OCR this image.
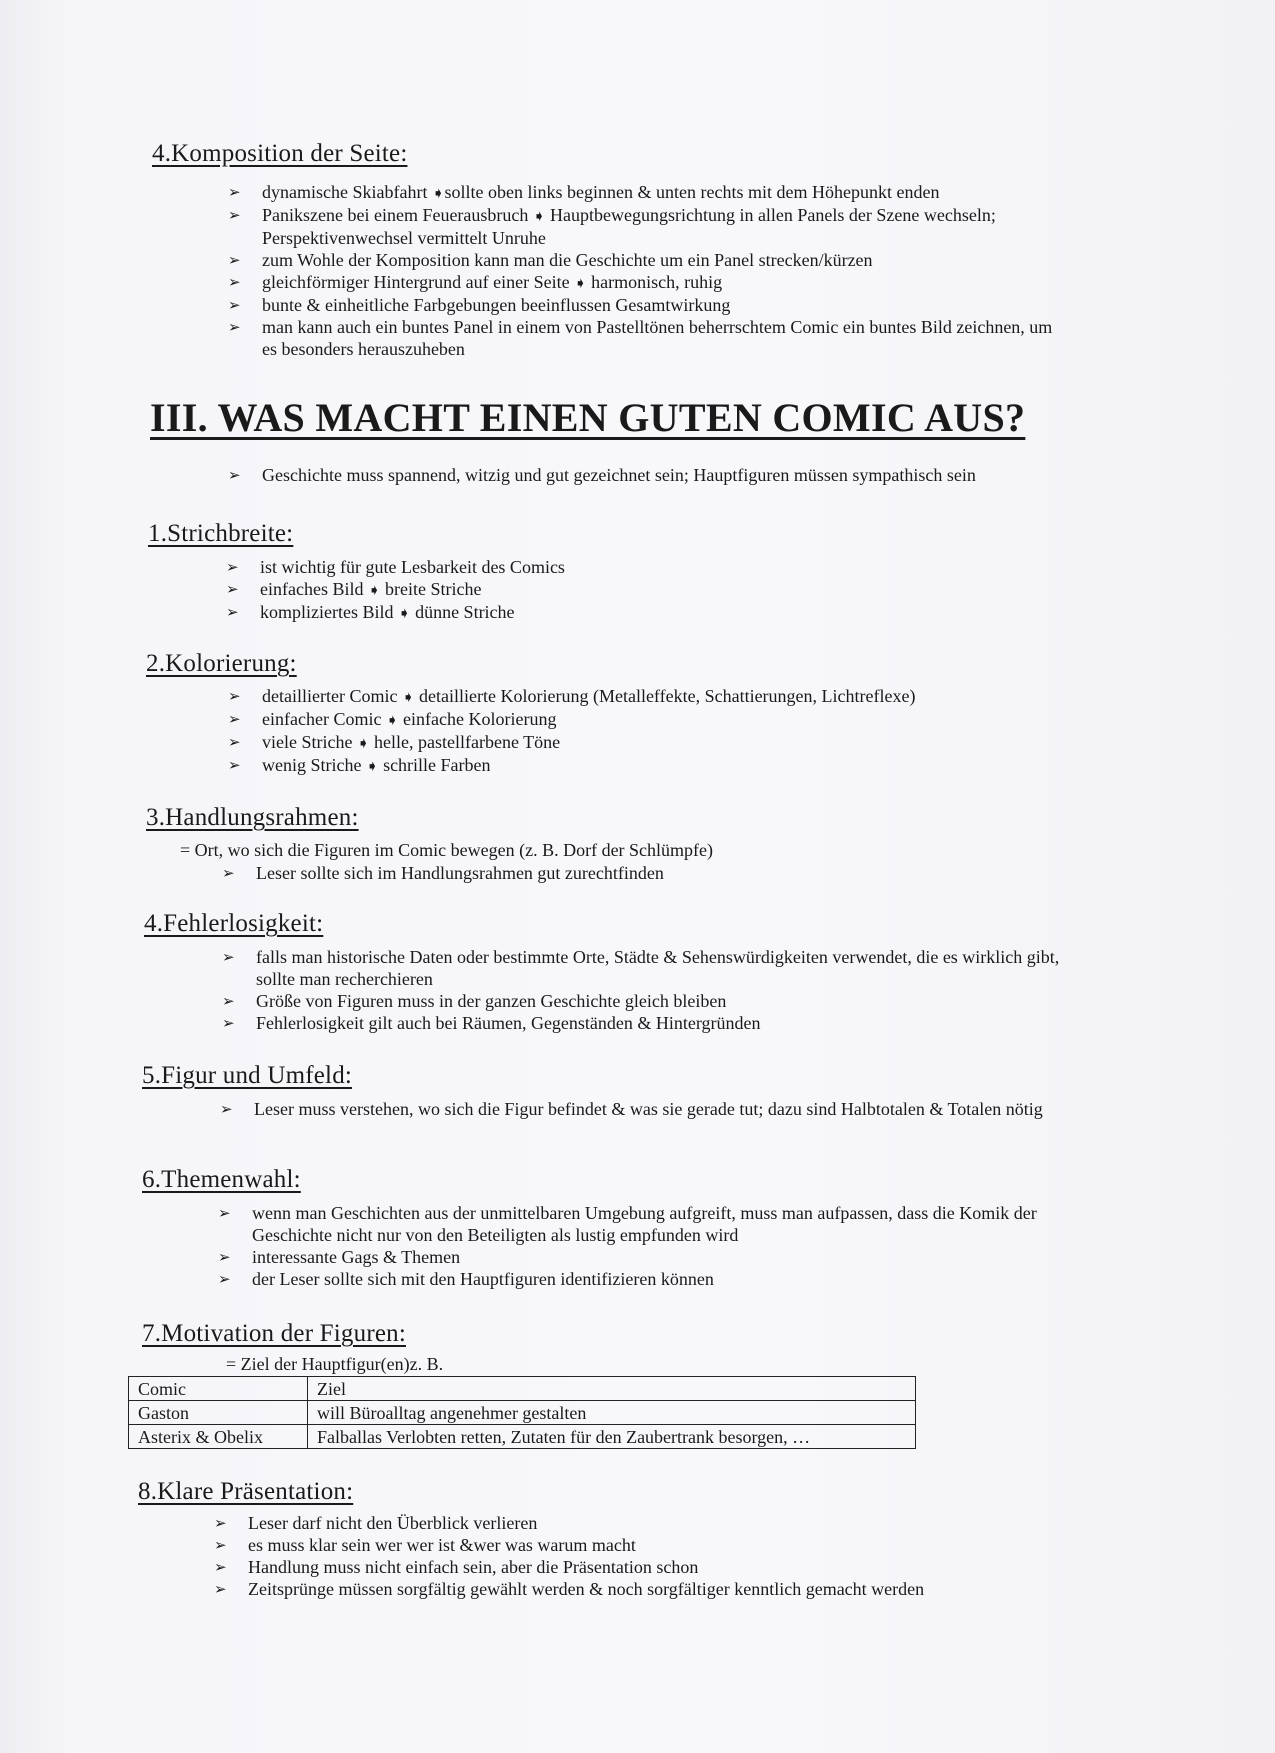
4.Komposition der Seite:
➢ dynamische Skiabfahrt ➧sollte oben links beginnen & unten rechts mit dem Höhepunkt enden
➢ Panikszene bei einem Feuerausbruch ➧ Hauptbewegungsrichtung in allen Panels der Szene wechseln; Perspektivenwechsel vermittelt Unruhe
➢ zum Wohle der Komposition kann man die Geschichte um ein Panel strecken/kürzen
➢ gleichförmiger Hintergrund auf einer Seite ➧ harmonisch, ruhig
➢ bunte & einheitliche Farbgebungen beeinflussen Gesamtwirkung
➢ man kann auch ein buntes Panel in einem von Pastelltönen beherrschtem Comic ein buntes Bild zeichnen, um es besonders herauszuheben
III. WAS MACHT EINEN GUTEN COMIC AUS?
➢ Geschichte muss spannend, witzig und gut gezeichnet sein; Hauptfiguren müssen sympathisch sein
1.Strichbreite:
➢ ist wichtig für gute Lesbarkeit des Comics
➢ einfaches Bild ➧ breite Striche
➢ kompliziertes Bild ➧ dünne Striche
2.Kolorierung:
➢ detaillierter Comic ➧ detaillierte Kolorierung (Metalleffekte, Schattierungen, Lichtreflexe)
➢ einfacher Comic ➧ einfache Kolorierung
➢ viele Striche ➧ helle, pastellfarbene Töne
➢ wenig Striche ➧ schrille Farben
3.Handlungsrahmen:
= Ort, wo sich die Figuren im Comic bewegen (z. B. Dorf der Schlümpfe)
➢ Leser sollte sich im Handlungsrahmen gut zurechtfinden
4.Fehlerlosigkeit:
➢ falls man historische Daten oder bestimmte Orte, Städte & Sehenswürdigkeiten verwendet, die es wirklich gibt, sollte man recherchieren
➢ Größe von Figuren muss in der ganzen Geschichte gleich bleiben
➢ Fehlerlosigkeit gilt auch bei Räumen, Gegenständen & Hintergründen
5.Figur und Umfeld:
➢ Leser muss verstehen, wo sich die Figur befindet & was sie gerade tut; dazu sind Halbtotalen & Totalen nötig
6.Themenwahl:
➢ wenn man Geschichten aus der unmittelbaren Umgebung aufgreift, muss man aufpassen, dass die Komik der Geschichte nicht nur von den Beteiligten als lustig empfunden wird
➢ interessante Gags & Themen
➢ der Leser sollte sich mit den Hauptfiguren identifizieren können
7.Motivation der Figuren:
= Ziel der Hauptfigur(en)z. B.
Comic	Ziel
Gaston	will Büroalltag angenehmer gestalten
Asterix & Obelix	Falballas Verlobten retten, Zutaten für den Zaubertrank besorgen, …
8.Klare Präsentation:
➢ Leser darf nicht den Überblick verlieren
➢ es muss klar sein wer wer ist &wer was warum macht
➢ Handlung muss nicht einfach sein, aber die Präsentation schon
➢ Zeitsprünge müssen sorgfältig gewählt werden & noch sorgfältiger kenntlich gemacht werden
